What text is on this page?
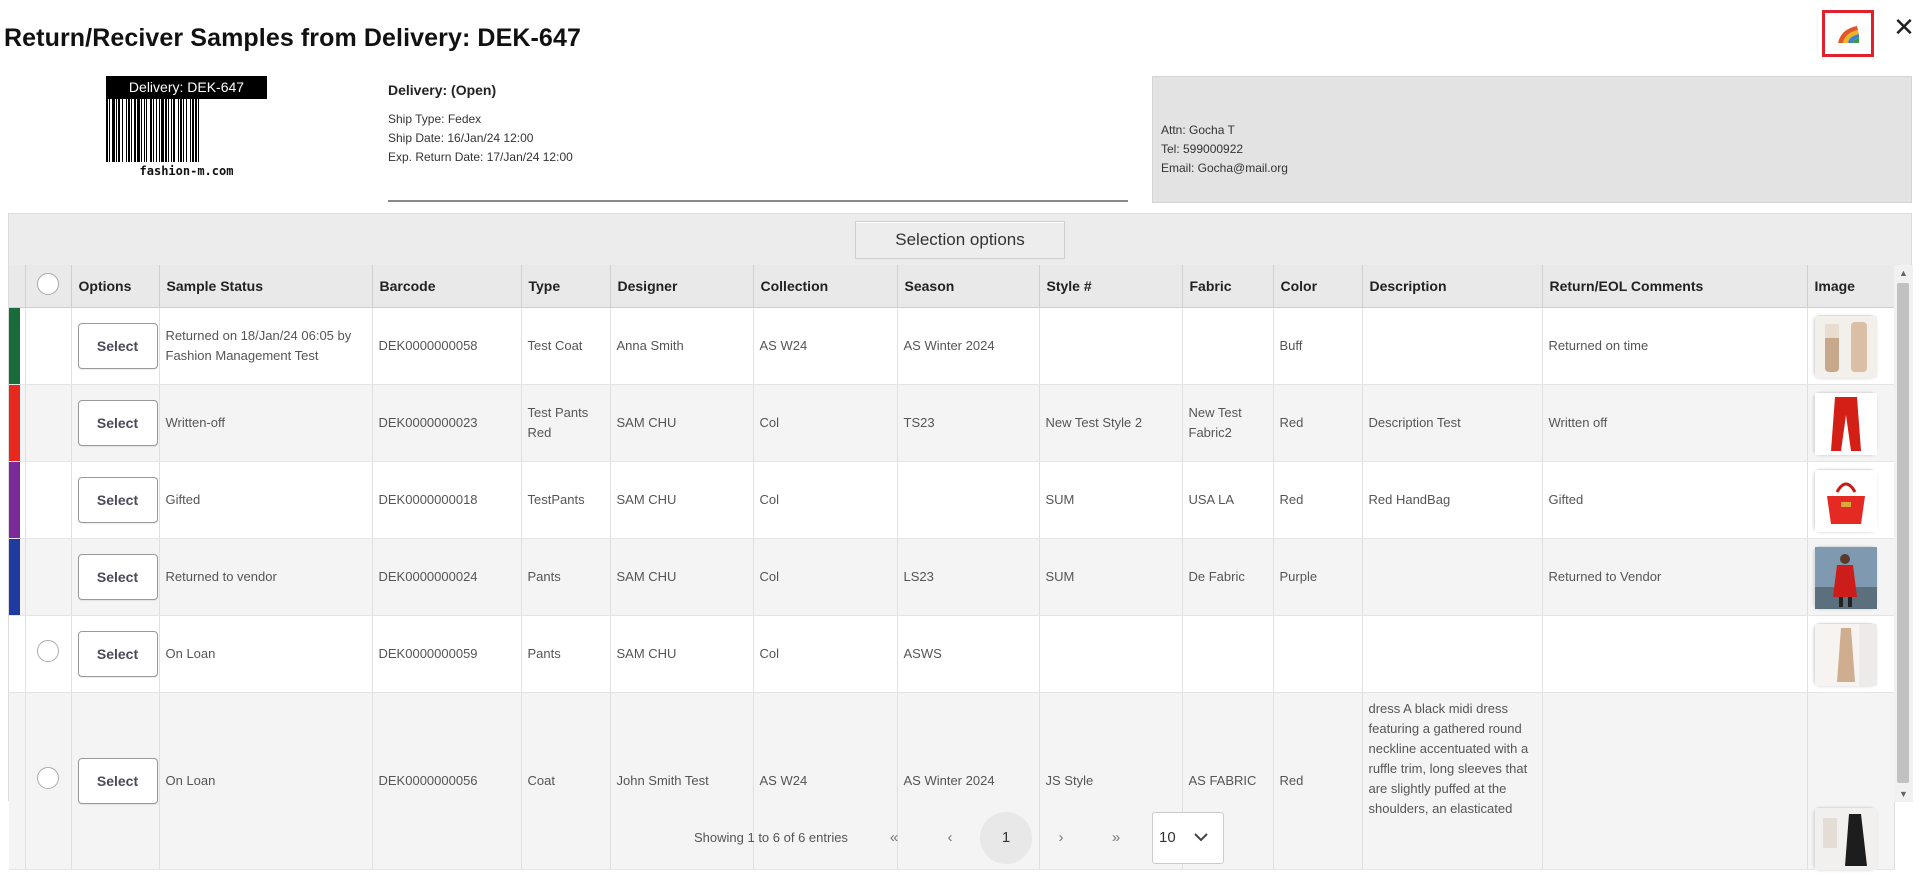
Return/Reciver Samples from Delivery: DEK-647	✕
Delivery: DEK-647
fashion-m.com
Delivery: (Open)
Ship Type: Fedex
Ship Date: 16/Jan/24 12:00
Exp. Return Date: 17/Jan/24 12:00
Attn: Gocha T
Tel: 599000922
Email: Gocha@mail.org
Selection options
		Options	Sample Status	Barcode	Type	Designer	Collection	Season	Style #	Fabric	Color	Description	Return/EOL Comments	Image

		Select	Returned on 18/Jan/24 06:05 by Fashion Management Test	DEK0000000058	Test Coat	Anna Smith	AS W24	AS Winter 2024			Buff		Returned on time	

		Select	Written-off	DEK0000000023	Test Pants Red	SAM CHU	Col	TS23	New Test Style 2	New Test Fabric2	Red	Description Test	Written off	

		Select	Gifted	DEK0000000018	TestPants	SAM CHU	Col		SUM	USA LA	Red	Red HandBag	Gifted	

		Select	Returned to vendor	DEK0000000024	Pants	SAM CHU	Col	LS23	SUM	De Fabric	Purple		Returned to Vendor	

		Select	On Loan	DEK0000000059	Pants	SAM CHU	Col	ASWS						

		Select	On Loan	DEK0000000056	Coat	John Smith Test	AS W24	AS Winter 2024	JS Style	AS FABRIC	Red	dress A black midi dress featuring a gathered round neckline accentuated with a ruffle trim, long sleeves that are slightly puffed at the shoulders, an elasticated		
▲
▼
Showing 1 to 6 of 6 entries	«	‹	1	›	»	10
